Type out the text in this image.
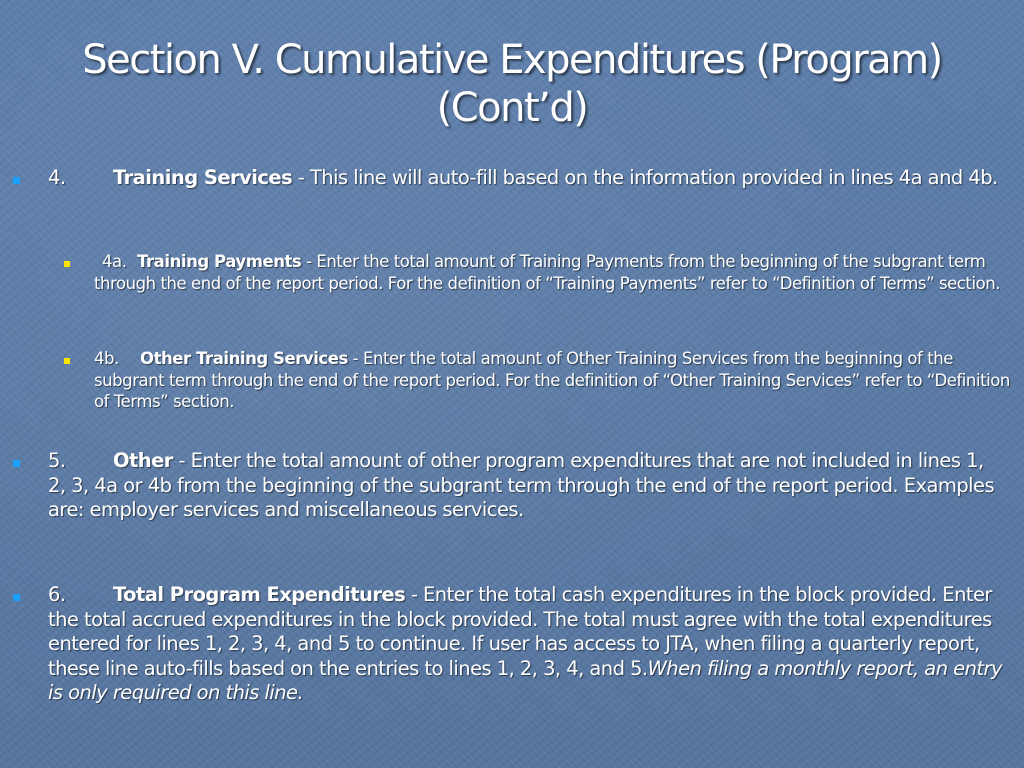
Section V. Cumulative Expenditures (Program)
(Cont’d)
4. Training Services - This line will auto-fill based on the information provided in lines 4a and 4b.
4a. Training Payments - Enter the total amount of Training Payments from the beginning of the subgrant term through the end of the report period. For the definition of “Training Payments” refer to “Definition of Terms” section.
4b. Other Training Services - Enter the total amount of Other Training Services from the beginning of the subgrant term through the end of the report period. For the definition of “Other Training Services” refer to “Definition of Terms” section.
5. Other - Enter the total amount of other program expenditures that are not included in lines 1, 2, 3, 4a or 4b from the beginning of the subgrant term through the end of the report period. Examples are: employer services and miscellaneous services.
6. Total Program Expenditures - Enter the total cash expenditures in the block provided. Enter the total accrued expenditures in the block provided. The total must agree with the total expenditures entered for lines 1, 2, 3, 4, and 5 to continue. If user has access to JTA, when filing a quarterly report, these line auto-fills based on the entries to lines 1, 2, 3, 4, and 5.When filing a monthly report, an entry is only required on this line.
